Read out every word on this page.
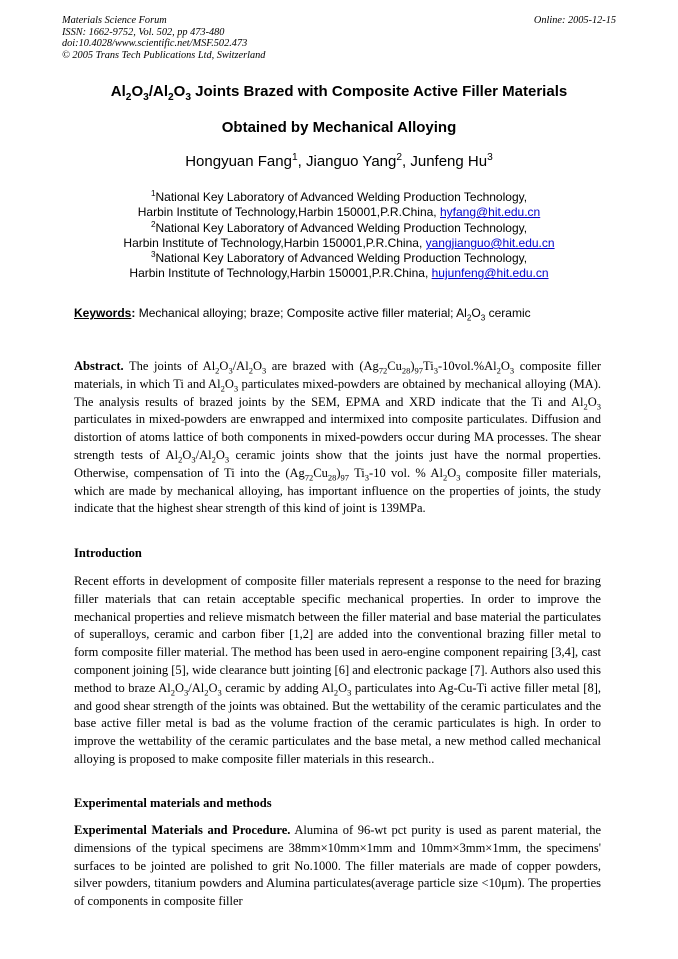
Materials Science Forum
ISSN: 1662-9752, Vol. 502, pp 473-480
doi:10.4028/www.scientific.net/MSF.502.473
© 2005 Trans Tech Publications Ltd, Switzerland
Online: 2005-12-15
$Al_2O_3/Al_2O_3$ Joints Brazed with Composite Active Filler Materials
Obtained by Mechanical Alloying
Hongyuan Fang$^1$, Jianguo Yang$^2$, Junfeng Hu$^3$
$^1$National Key Laboratory of Advanced Welding Production Technology,
Harbin Institute of Technology,Harbin 150001,P.R.China, hyfang@hit.edu.cn
$^2$National Key Laboratory of Advanced Welding Production Technology,
Harbin Institute of Technology,Harbin 150001,P.R.China, yangjianguo@hit.edu.cn
$^3$National Key Laboratory of Advanced Welding Production Technology,
Harbin Institute of Technology,Harbin 150001,P.R.China, hujunfeng@hit.edu.cn
Keywords: Mechanical alloying; braze; Composite active filler material; $Al_2O_3$ ceramic

Abstract. The joints of $Al_2O_3/Al_2O_3$ are brazed with $(Ag_{72}Cu_{28})_{97}Ti_3-10vol.\%Al_2O_3$ composite filler materials, in which Ti and $Al_2O_3$ particulates mixed-powders are obtained by mechanical alloying (MA). The analysis results of brazed joints by the SEM, EPMA and XRD indicate that the Ti and $Al_2O_3$ particulates in mixed-powders are enwrapped and intermixed into composite particulates. Diffusion and distortion of atoms lattice of both components in mixed-powders occur during MA processes. The shear strength tests of $Al_2O_3/Al_2O_3$ ceramic joints show that the joints just have the normal properties. Otherwise, compensation of Ti into the $(Ag_{72}Cu_{28})_{97}$ $Ti_3-10$ vol. % $Al_2O_3$ composite filler materials, which are made by mechanical alloying, has important influence on the properties of joints, the study indicate that the highest shear strength of this kind of joint is 139MPa.

Introduction

Recent efforts in development of composite filler materials represent a response to the need for brazing filler materials that can retain acceptable specific mechanical properties. In order to improve the mechanical properties and relieve mismatch between the filler material and base material the particulates of superalloys, ceramic and carbon fiber [1,2] are added into the conventional brazing filler metal to form composite filler material. The method has been used in aero-engine component repairing [3,4], cast component joining [5], wide clearance butt jointing [6] and electronic package [7]. Authors also used this method to braze $Al_2O_3/Al_2O_3$ ceramic by adding $Al_2O_3$ particulates into Ag-Cu-Ti active filler metal [8], and good shear strength of the joints was obtained. But the wettability of the ceramic particulates and the base active filler metal is bad as the volume fraction of the ceramic particulates is high. In order to improve the wettability of the ceramic particulates and the base metal, a new method called mechanical alloying is proposed to make composite filler materials in this research..

Experimental materials and methods

Experimental Materials and Procedure. Alumina of 96-wt pct purity is used as parent material, the dimensions of the typical specimens are 38mm×10mm×1mm and 10mm×3mm×1mm, the specimens' surfaces to be jointed are polished to grit No.1000. The filler materials are made of copper powders, silver powders, titanium powders and Alumina particulates(average particle size <10μm). The properties of components in composite filler
